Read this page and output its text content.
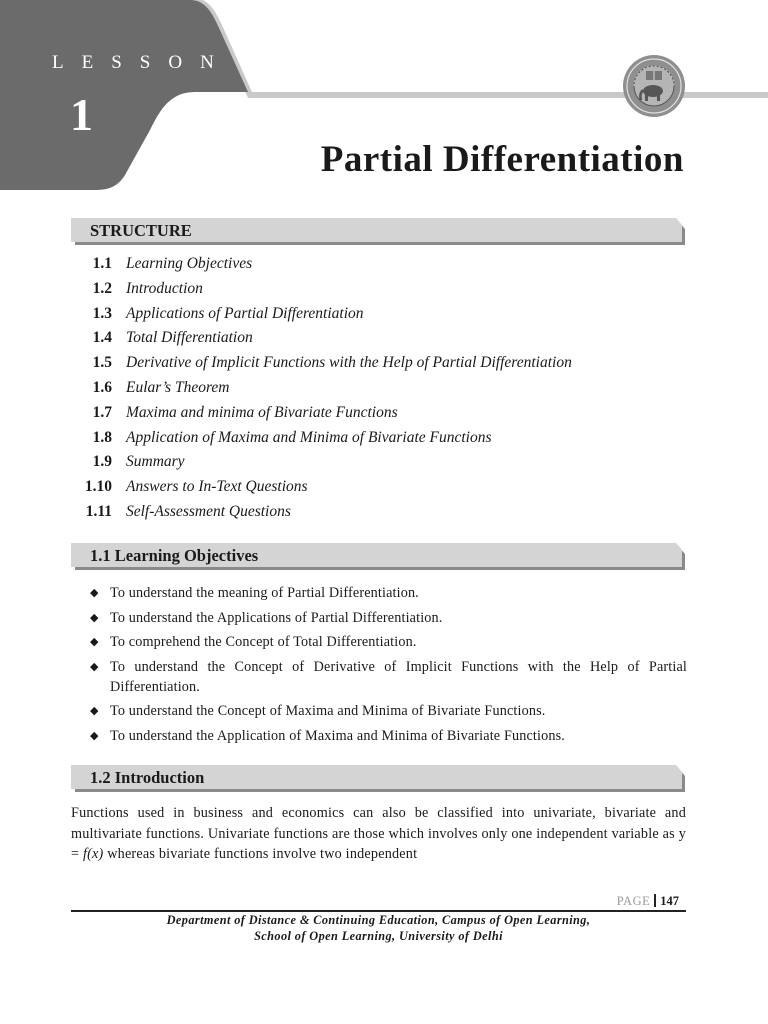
LESSON
1
Partial Differentiation
STRUCTURE
1.1 Learning Objectives
1.2 Introduction
1.3 Applications of Partial Differentiation
1.4 Total Differentiation
1.5 Derivative of Implicit Functions with the Help of Partial Differentiation
1.6 Eular’s Theorem
1.7 Maxima and minima of Bivariate Functions
1.8 Application of Maxima and Minima of Bivariate Functions
1.9 Summary
1.10 Answers to In-Text Questions
1.11 Self-Assessment Questions
1.1 Learning Objectives
◆ To understand the meaning of Partial Differentiation.
◆ To understand the Applications of Partial Differentiation.
◆ To comprehend the Concept of Total Differentiation.
◆ To understand the Concept of Derivative of Implicit Functions with the Help of Partial Differentiation.
◆ To understand the Concept of Maxima and Minima of Bivariate Functions.
◆ To understand the Application of Maxima and Minima of Bivariate Functions.
1.2 Introduction

Functions used in business and economics can also be classified into univariate, bivariate and multivariate functions. Univariate functions are those which involves only one independent variable as y = f(x) whereas bivariate functions involve two independent

PAGE 147
Department of Distance & Continuing Education, Campus of Open Learning,
School of Open Learning, University of Delhi
